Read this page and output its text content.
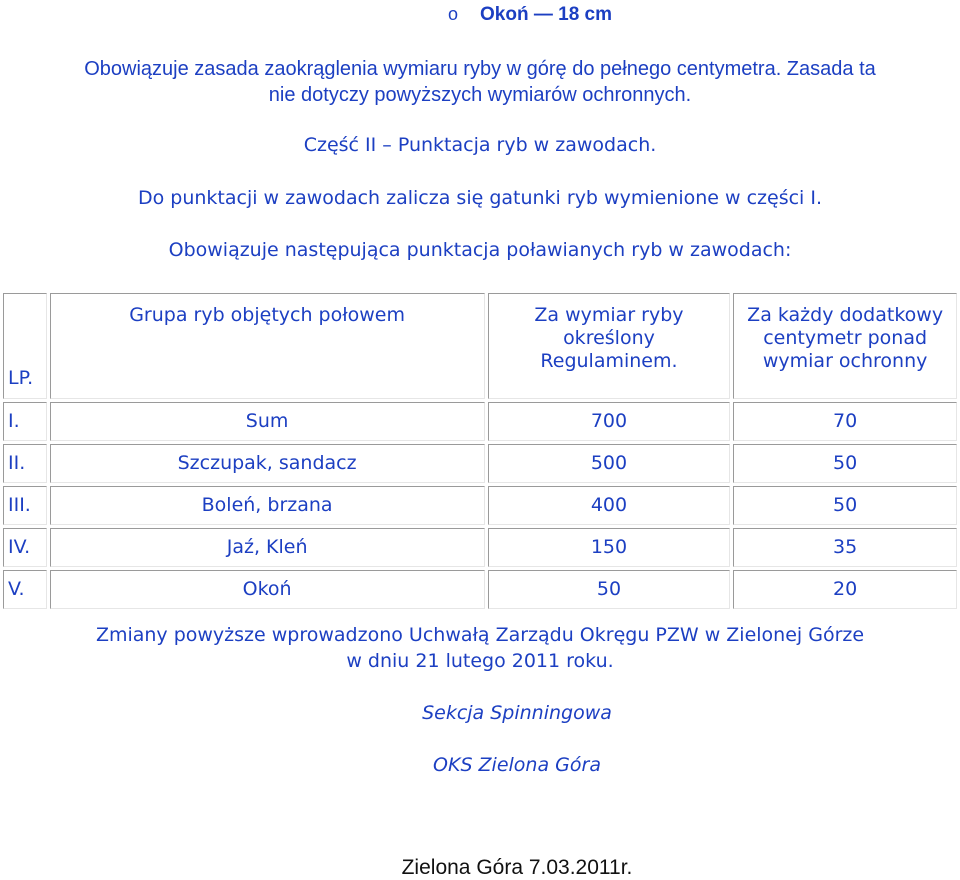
o Okoń — 18 cm
Obowiązuje zasada zaokrąglenia wymiaru ryby w górę do pełnego centymetra. Zasada ta
nie dotyczy powyższych wymiarów ochronnych.
Część II – Punktacja ryb w zawodach.
Do punktacji w zawodach zalicza się gatunki ryb wymienione w części I.
Obowiązuje następująca punktacja poławianych ryb w zawodach:
LP.	Grupa ryb objętych połowem	Za wymiar ryby określony Regulaminem.	Za każdy dodatkowy centymetr ponad wymiar ochronny
I.	Sum	700	70
II.	Szczupak, sandacz	500	50
III.	Boleń, brzana	400	50
IV.	Jaź, Kleń	150	35
V.	Okoń	50	20
Zmiany powyższe wprowadzono Uchwałą Zarządu Okręgu PZW w Zielonej Górze
w dniu 21 lutego 2011 roku.
Sekcja Spinningowa
OKS Zielona Góra
Zielona Góra 7.03.2011r.
